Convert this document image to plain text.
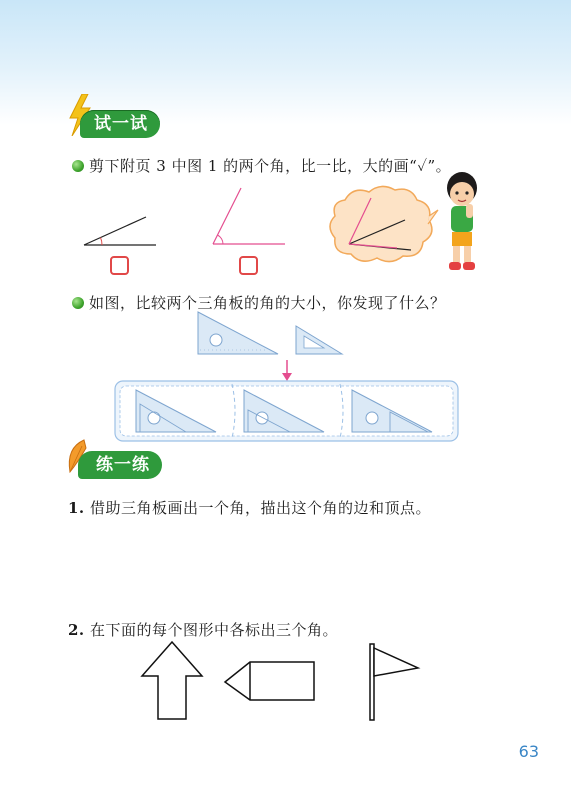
试一试
剪下附页 3 中图 1 的两个角，比一比，大的画“✓”。
如图，比较两个三角板的角的大小，你发现了什么？
练一练
1. 借助三角板画出一个角，描出这个角的边和顶点。
2. 在下面的每个图形中各标出三个角。
63
